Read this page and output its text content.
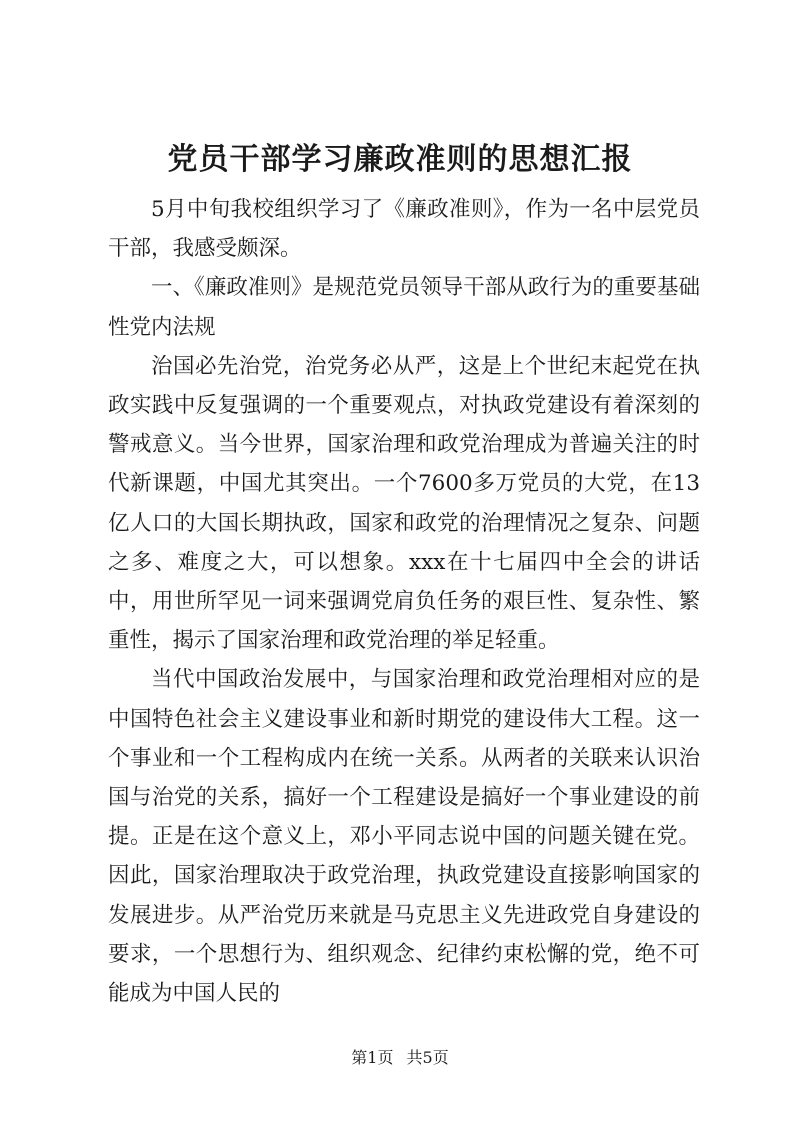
党员干部学习廉政准则的思想汇报

5月中旬我校组织学习了《廉政准则》，作为一名中层党员干部，我感受颇深。

一、《廉政准则》是规范党员领导干部从政行为的重要基础性党内法规

治国必先治党，治党务必从严，这是上个世纪末起党在执政实践中反复强调的一个重要观点，对执政党建设有着深刻的警戒意义。当今世界，国家治理和政党治理成为普遍关注的时代新课题，中国尤其突出。一个7600多万党员的大党，在13亿人口的大国长期执政，国家和政党的治理情况之复杂、问题之多、难度之大，可以想象。xxx在十七届四中全会的讲话中，用世所罕见一词来强调党肩负任务的艰巨性、复杂性、繁重性，揭示了国家治理和政党治理的举足轻重。

当代中国政治发展中，与国家治理和政党治理相对应的是中国特色社会主义建设事业和新时期党的建设伟大工程。这一个事业和一个工程构成内在统一关系。从两者的关联来认识治国与治党的关系，搞好一个工程建设是搞好一个事业建设的前提。正是在这个意义上，邓小平同志说中国的问题关键在党。因此，国家治理取决于政党治理，执政党建设直接影响国家的发展进步。从严治党历来就是马克思主义先进政党自身建设的要求，一个思想行为、组织观念、纪律约束松懈的党，绝不可能成为中国人民的

第1页 共5页
